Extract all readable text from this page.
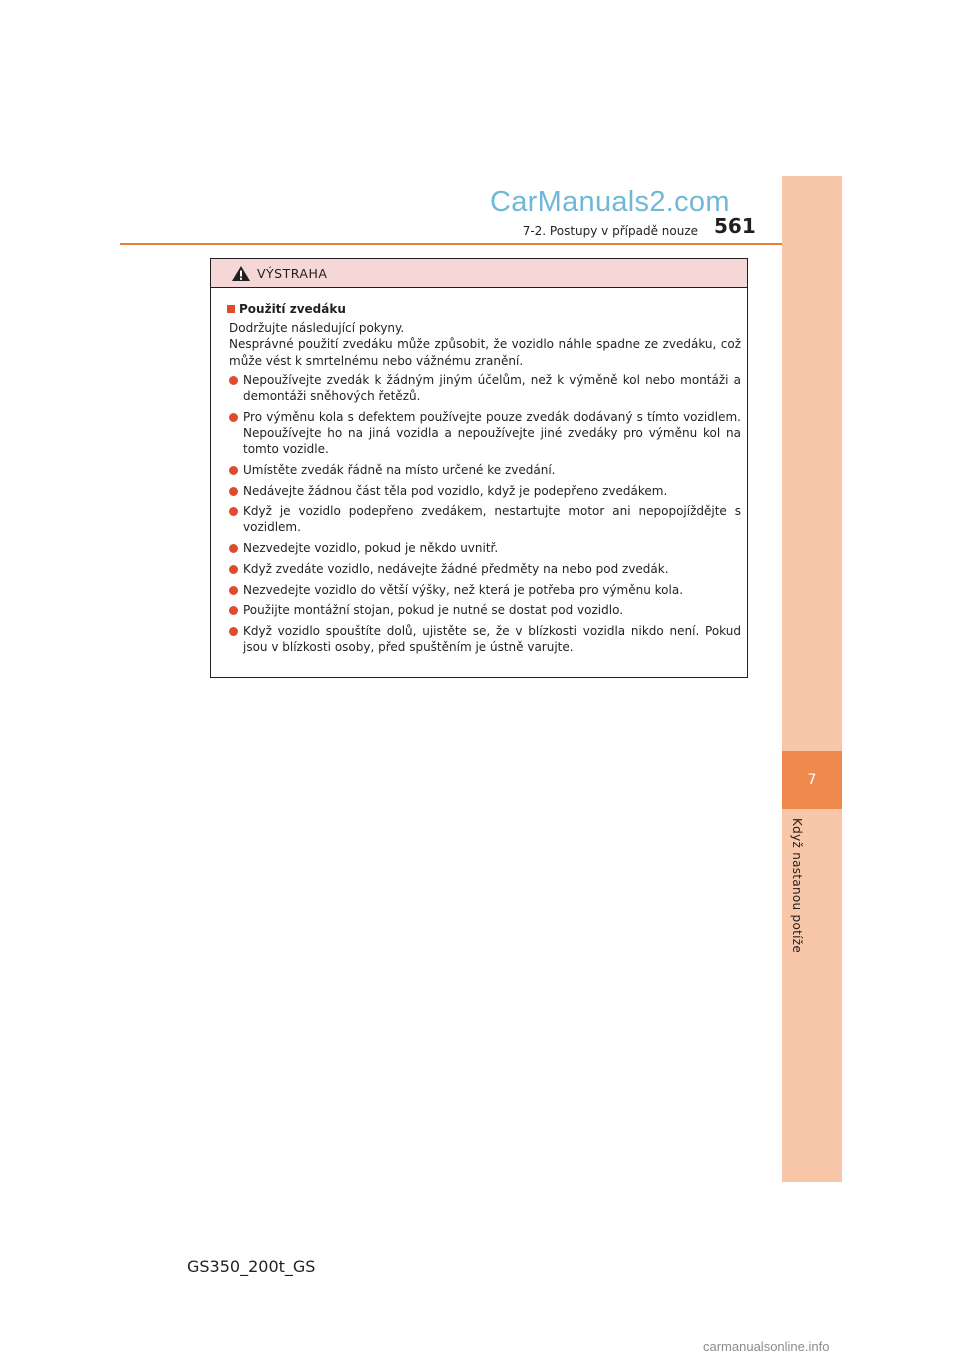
CarManuals2.com
7-2. Postupy v případě nouze 561
7
Když nastanou potíže
VÝSTRAHA
Použití zvedáku
Dodržujte následující pokyny.
Nesprávné použití zvedáku může způsobit, že vozidlo náhle spadne ze zvedáku, což může vést k smrtelnému nebo vážnému zranění.
Nepoužívejte zvedák k žádným jiným účelům, než k výměně kol nebo montáži a demontáži sněhových řetězů.
Pro výměnu kola s defektem používejte pouze zvedák dodávaný s tímto vozidlem. Nepoužívejte ho na jiná vozidla a nepoužívejte jiné zvedáky pro výměnu kol na tomto vozidle.
Umístěte zvedák řádně na místo určené ke zvedání.
Nedávejte žádnou část těla pod vozidlo, když je podepřeno zvedákem.
Když je vozidlo podepřeno zvedákem, nestartujte motor ani nepopojíždějte s vozidlem.
Nezvedejte vozidlo, pokud je někdo uvnitř.
Když zvedáte vozidlo, nedávejte žádné předměty na nebo pod zvedák.
Nezvedejte vozidlo do větší výšky, než která je potřeba pro výměnu kola.
Použijte montážní stojan, pokud je nutné se dostat pod vozidlo.
Když vozidlo spouštíte dolů, ujistěte se, že v blízkosti vozidla nikdo není. Pokud jsou v blízkosti osoby, před spuštěním je ústně varujte.
GS350_200t_GS
carmanualsonline.info
